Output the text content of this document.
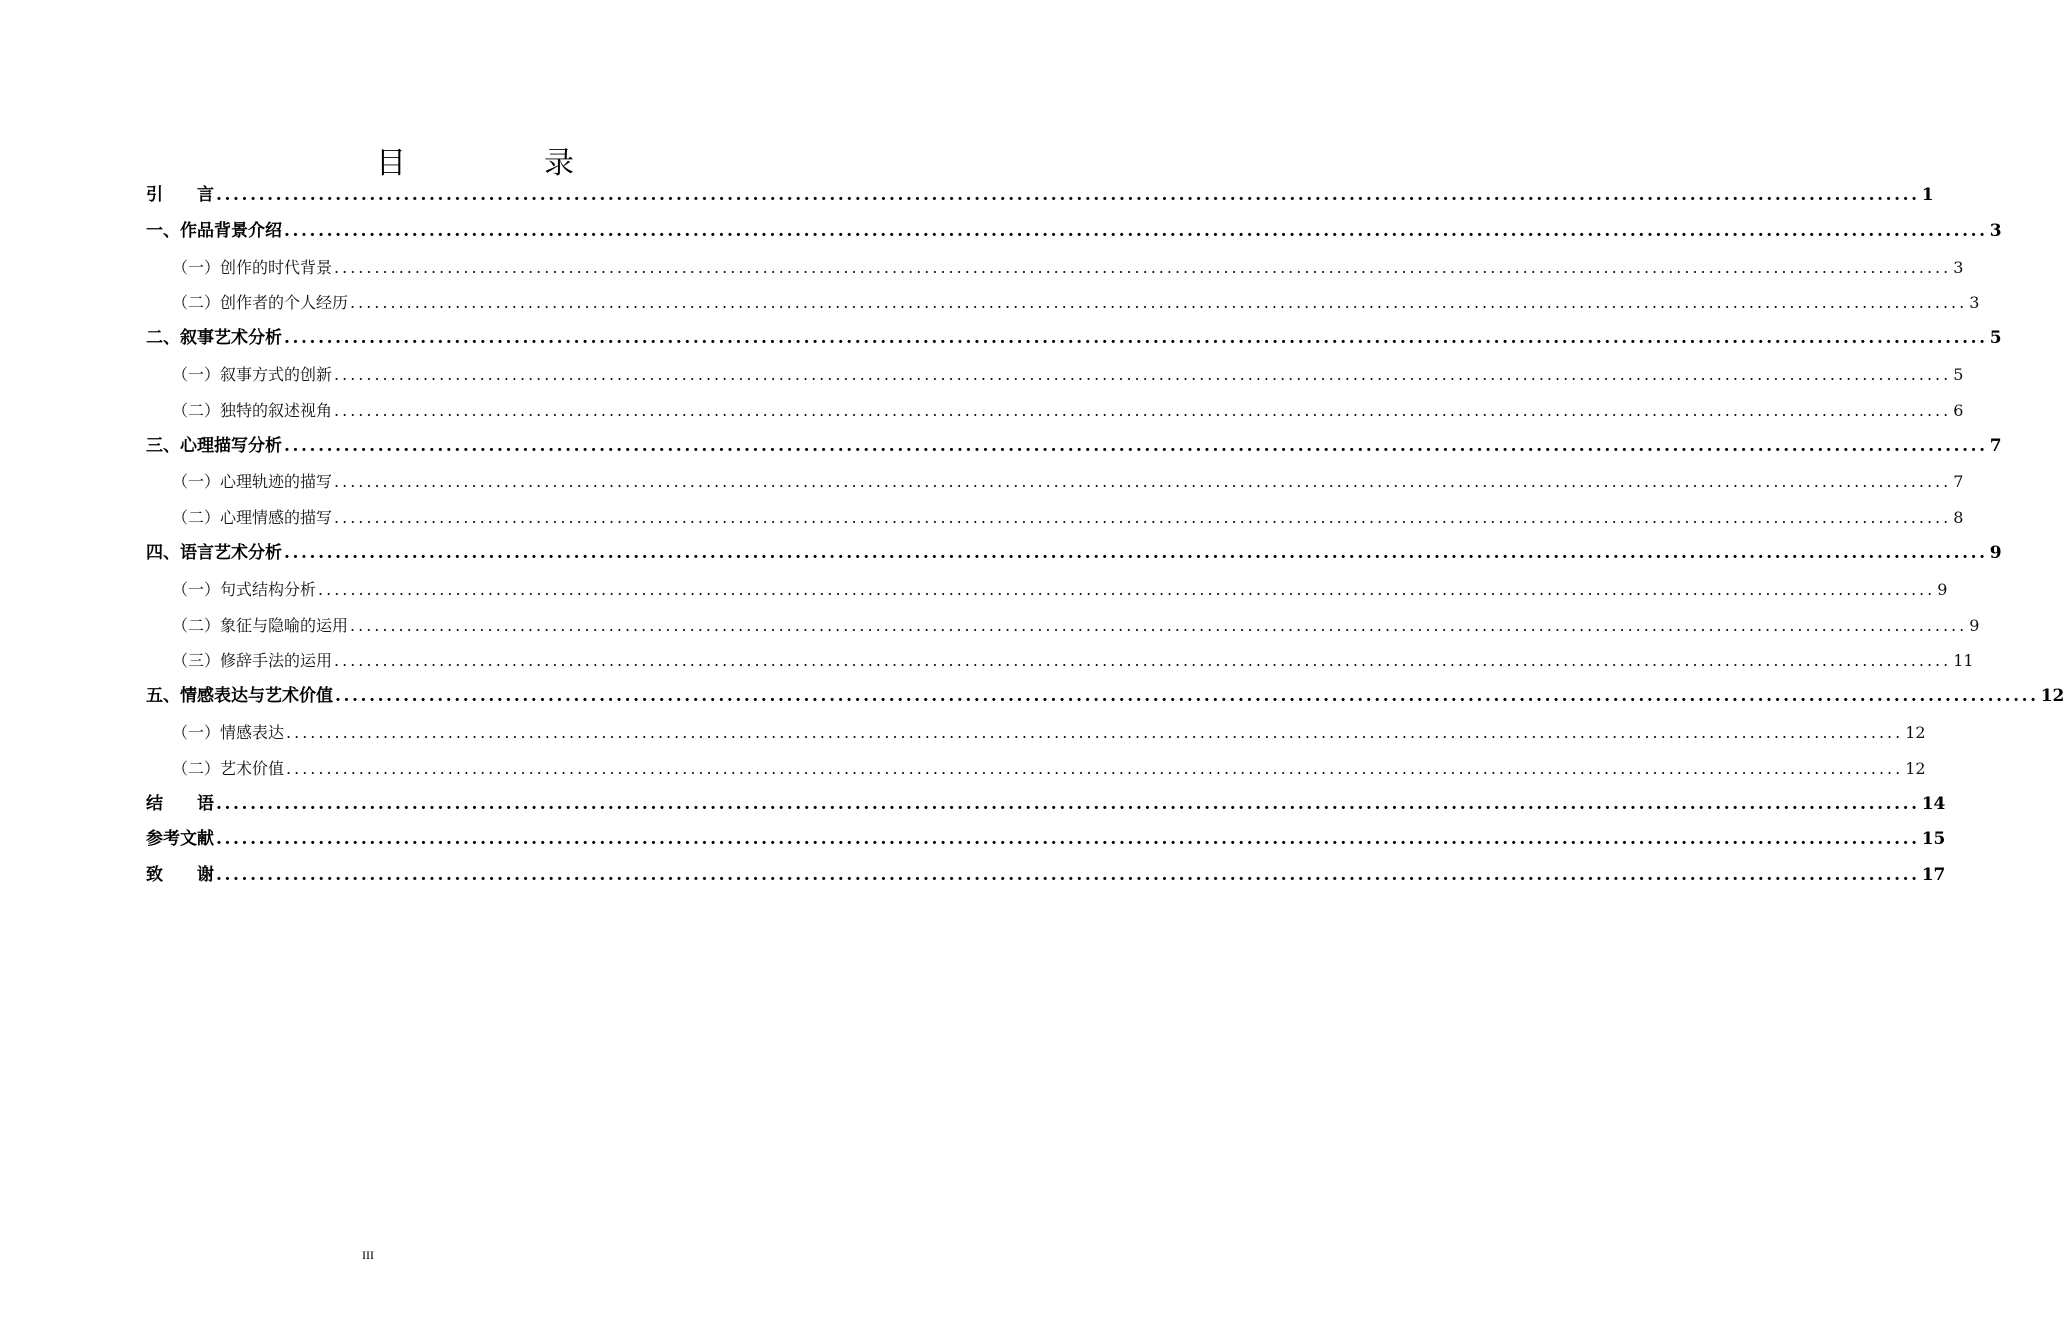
目　录
引　　言 ........................................................................................................................................................................................................ 1
一、作品背景介绍 ........................................................................................................................................................................................................ 3
（一）创作的时代背景 ........................................................................................................................................................................................................ 3
（二）创作者的个人经历 ........................................................................................................................................................................................................ 3
二、叙事艺术分析 ........................................................................................................................................................................................................ 5
（一）叙事方式的创新 ........................................................................................................................................................................................................ 5
（二）独特的叙述视角 ........................................................................................................................................................................................................ 6
三、心理描写分析 ........................................................................................................................................................................................................ 7
（一）心理轨迹的描写 ........................................................................................................................................................................................................ 7
（二）心理情感的描写 ........................................................................................................................................................................................................ 8
四、语言艺术分析 ........................................................................................................................................................................................................ 9
（一）句式结构分析 ........................................................................................................................................................................................................ 9
（二）象征与隐喻的运用 ........................................................................................................................................................................................................ 9
（三）修辞手法的运用 ........................................................................................................................................................................................................ 11
五、情感表达与艺术价值 ........................................................................................................................................................................................................ 12
（一）情感表达 ........................................................................................................................................................................................................ 12
（二）艺术价值 ........................................................................................................................................................................................................ 12
结　　语 ........................................................................................................................................................................................................ 14
参考文献 ........................................................................................................................................................................................................ 15
致　　谢 ........................................................................................................................................................................................................ 17
III
